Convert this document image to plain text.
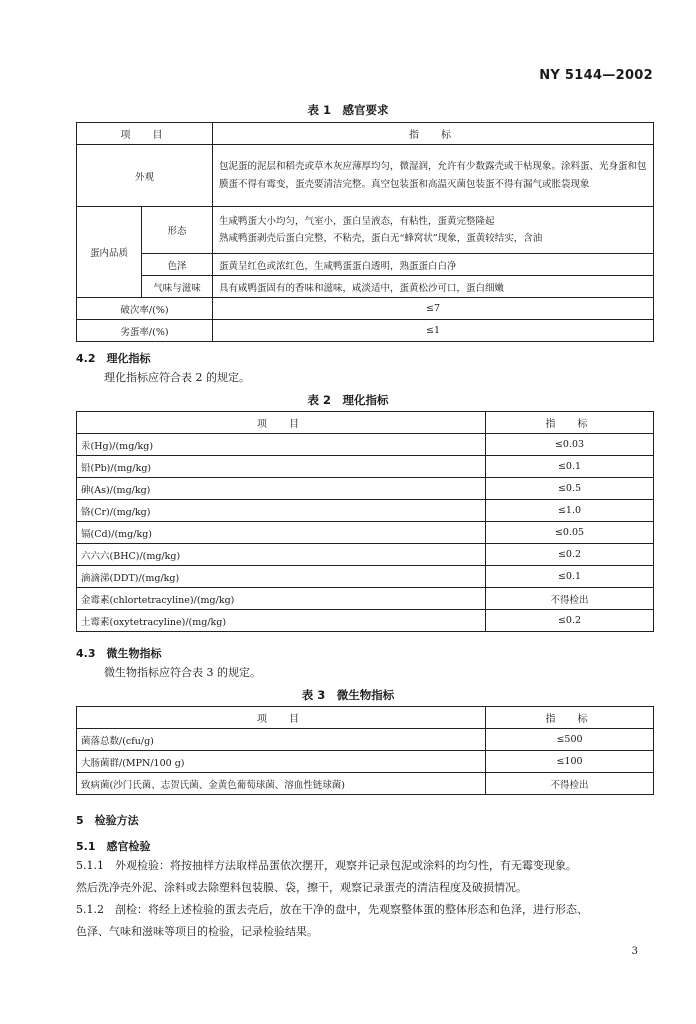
NY 5144—2002
表 1　感官要求
项　目		指　标
外观		包泥蛋的泥层和稻壳或草木灰应薄厚均匀，微湿润，允许有少数露壳或干枯现象。涂料蛋、光身蛋和包膜蛋不得有霉变，蛋壳要清洁完整。真空包装蛋和高温灭菌包装蛋不得有漏气或胀袋现象
蛋内品质	形态	生咸鸭蛋大小均匀，气室小，蛋白呈液态，有粘性，蛋黄完整隆起
熟咸鸭蛋剥壳后蛋白完整，不粘壳，蛋白无“蜂窝状”现象，蛋黄较结实，含油

	色泽	蛋黄呈红色或浓红色，生咸鸭蛋蛋白透明，熟蛋蛋白白净
	气味与滋味	具有咸鸭蛋固有的香味和滋味，咸淡适中，蛋黄松沙可口，蛋白细嫩
破次率/(%)		≤7
劣蛋率/(%)		≤1
4.2　理化指标
理化指标应符合表 2 的规定。
表 2　理化指标
项　目	指　标
汞(Hg)/(mg/kg)	≤0.03
铅(Pb)/(mg/kg)	≤0.1
砷(As)/(mg/kg)	≤0.5
铬(Cr)/(mg/kg)	≤1.0
镉(Cd)/(mg/kg)	≤0.05
六六六(BHC)/(mg/kg)	≤0.2
滴滴涕(DDT)/(mg/kg)	≤0.1
金霉素(chlortetracyline)/(mg/kg)	不得检出
土霉素(oxytetracyline)/(mg/kg)	≤0.2
4.3　微生物指标
微生物指标应符合表 3 的规定。
表 3　微生物指标
项　目	指　标
菌落总数/(cfu/g)	≤500
大肠菌群/(MPN/100 g)	≤100
致病菌(沙门氏菌、志贺氏菌、金黄色葡萄球菌、溶血性链球菌)	不得检出
5　检验方法
5.1　感官检验
5.1.1　外观检验：将按抽样方法取样品蛋依次摆开，观察并记录包泥或涂料的均匀性，有无霉变现象。
然后洗净壳外泥、涂料或去除塑料包装膜、袋，擦干，观察记录蛋壳的清洁程度及破损情况。
5.1.2　剖检：将经上述检验的蛋去壳后，放在干净的盘中，先观察整体蛋的整体形态和色泽，进行形态、
色泽、气味和滋味等项目的检验，记录检验结果。
3
